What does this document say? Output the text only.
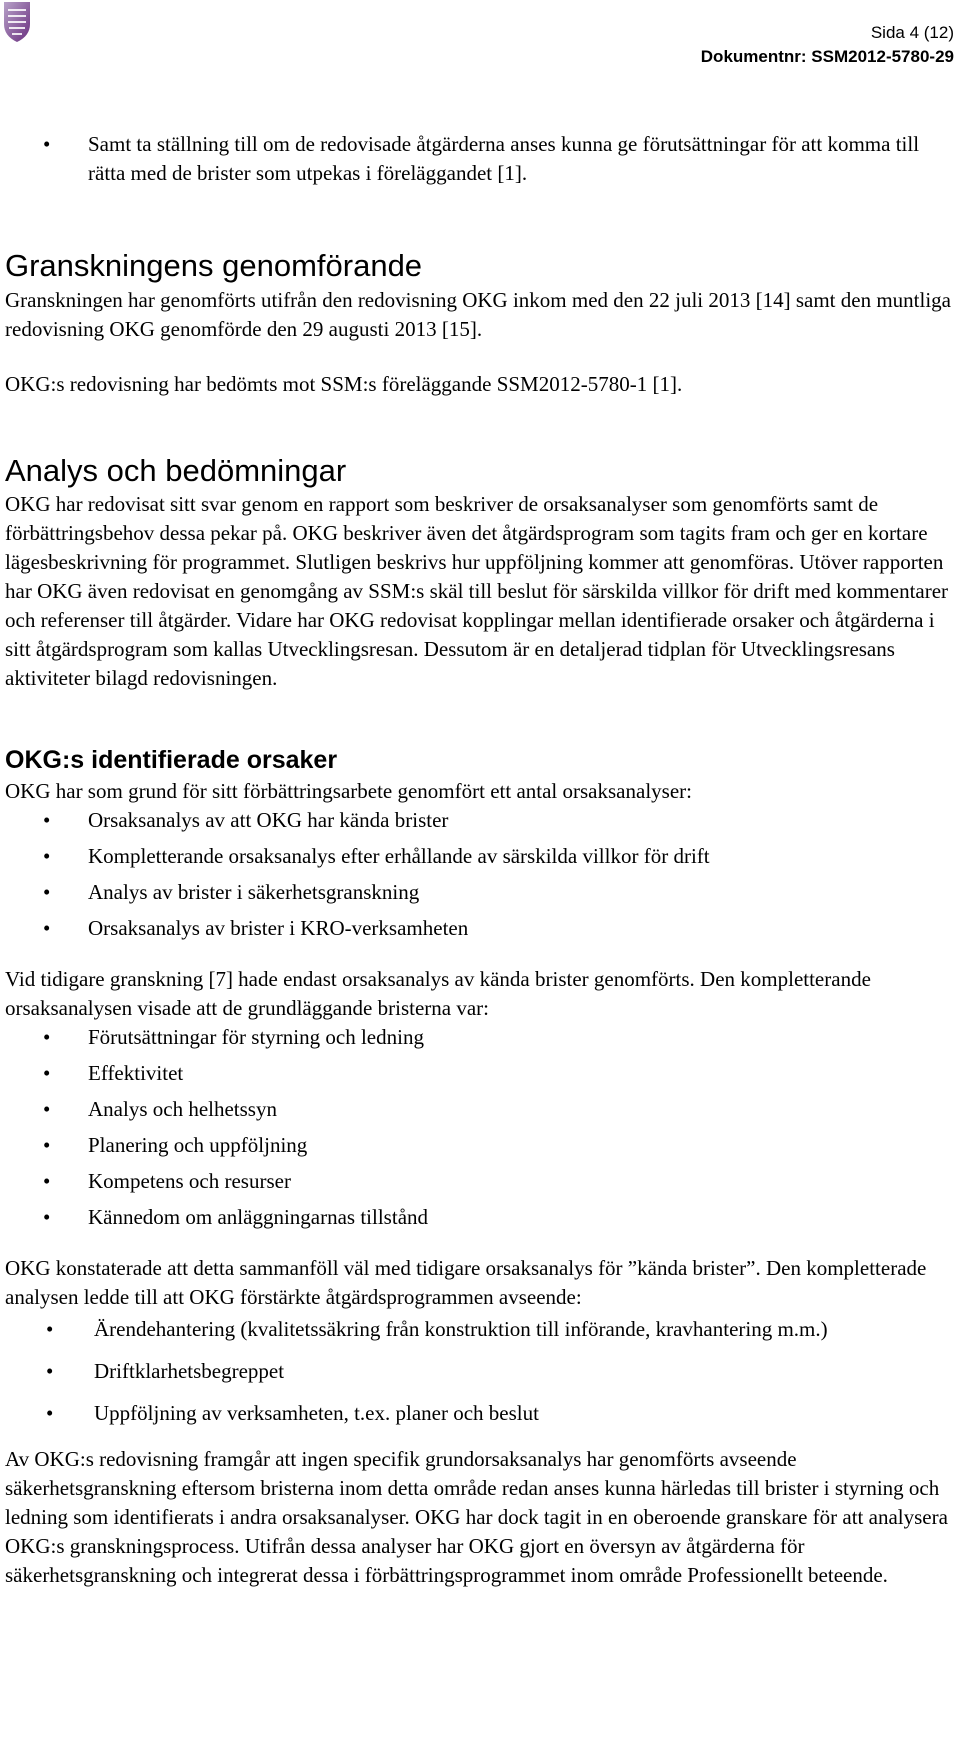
Sida 4 (12)
Dokumentnr: SSM2012-5780-29
• Samt ta ställning till om de redovisade åtgärderna anses kunna ge förutsättningar för att komma till rätta med de brister som utpekas i föreläggandet [1].
Granskningens genomförande

Granskningen har genomförts utifrån den redovisning OKG inkom med den 22 juli 2013 [14] samt den muntliga redovisning OKG genomförde den 29 augusti 2013 [15].

OKG:s redovisning har bedömts mot SSM:s föreläggande SSM2012-5780-1 [1].

Analys och bedömningar

OKG har redovisat sitt svar genom en rapport som beskriver de orsaksanalyser som genomförts samt de förbättringsbehov dessa pekar på. OKG beskriver även det åtgärdsprogram som tagits fram och ger en kortare lägesbeskrivning för programmet. Slutligen beskrivs hur uppföljning kommer att genomföras. Utöver rapporten har OKG även redovisat en genomgång av SSM:s skäl till beslut för särskilda villkor för drift med kommentarer och referenser till åtgärder. Vidare har OKG redovisat kopplingar mellan identifierade orsaker och åtgärderna i sitt åtgärdsprogram som kallas Utvecklingsresan. Dessutom är en detaljerad tidplan för Utvecklingsresans aktiviteter bilagd redovisningen.

OKG:s identifierade orsaker

OKG har som grund för sitt förbättringsarbete genomfört ett antal orsaksanalyser:

• Orsaksanalys av att OKG har kända brister
• Kompletterande orsaksanalys efter erhållande av särskilda villkor för drift
• Analys av brister i säkerhetsgranskning
• Orsaksanalys av brister i KRO-verksamheten

Vid tidigare granskning [7] hade endast orsaksanalys av kända brister genomförts. Den kompletterande orsaksanalysen visade att de grundläggande bristerna var:

• Förutsättningar för styrning och ledning
• Effektivitet
• Analys och helhetssyn
• Planering och uppföljning
• Kompetens och resurser
• Kännedom om anläggningarnas tillstånd

OKG konstaterade att detta sammanföll väl med tidigare orsaksanalys för ”kända brister”. Den kompletterade analysen ledde till att OKG förstärkte åtgärdsprogrammen avseende:

• Ärendehantering (kvalitetssäkring från konstruktion till införande, kravhantering m.m.)
• Driftklarhetsbegreppet
• Uppföljning av verksamheten, t.ex. planer och beslut

Av OKG:s redovisning framgår att ingen specifik grundorsaksanalys har genomförts avseende säkerhetsgranskning eftersom bristerna inom detta område redan anses kunna härledas till brister i styrning och ledning som identifierats i andra orsaksanalyser. OKG har dock tagit in en oberoende granskare för att analysera OKG:s granskningsprocess. Utifrån dessa analyser har OKG gjort en översyn av åtgärderna för säkerhetsgranskning och integrerat dessa i förbättringsprogrammet inom område Professionellt beteende.
